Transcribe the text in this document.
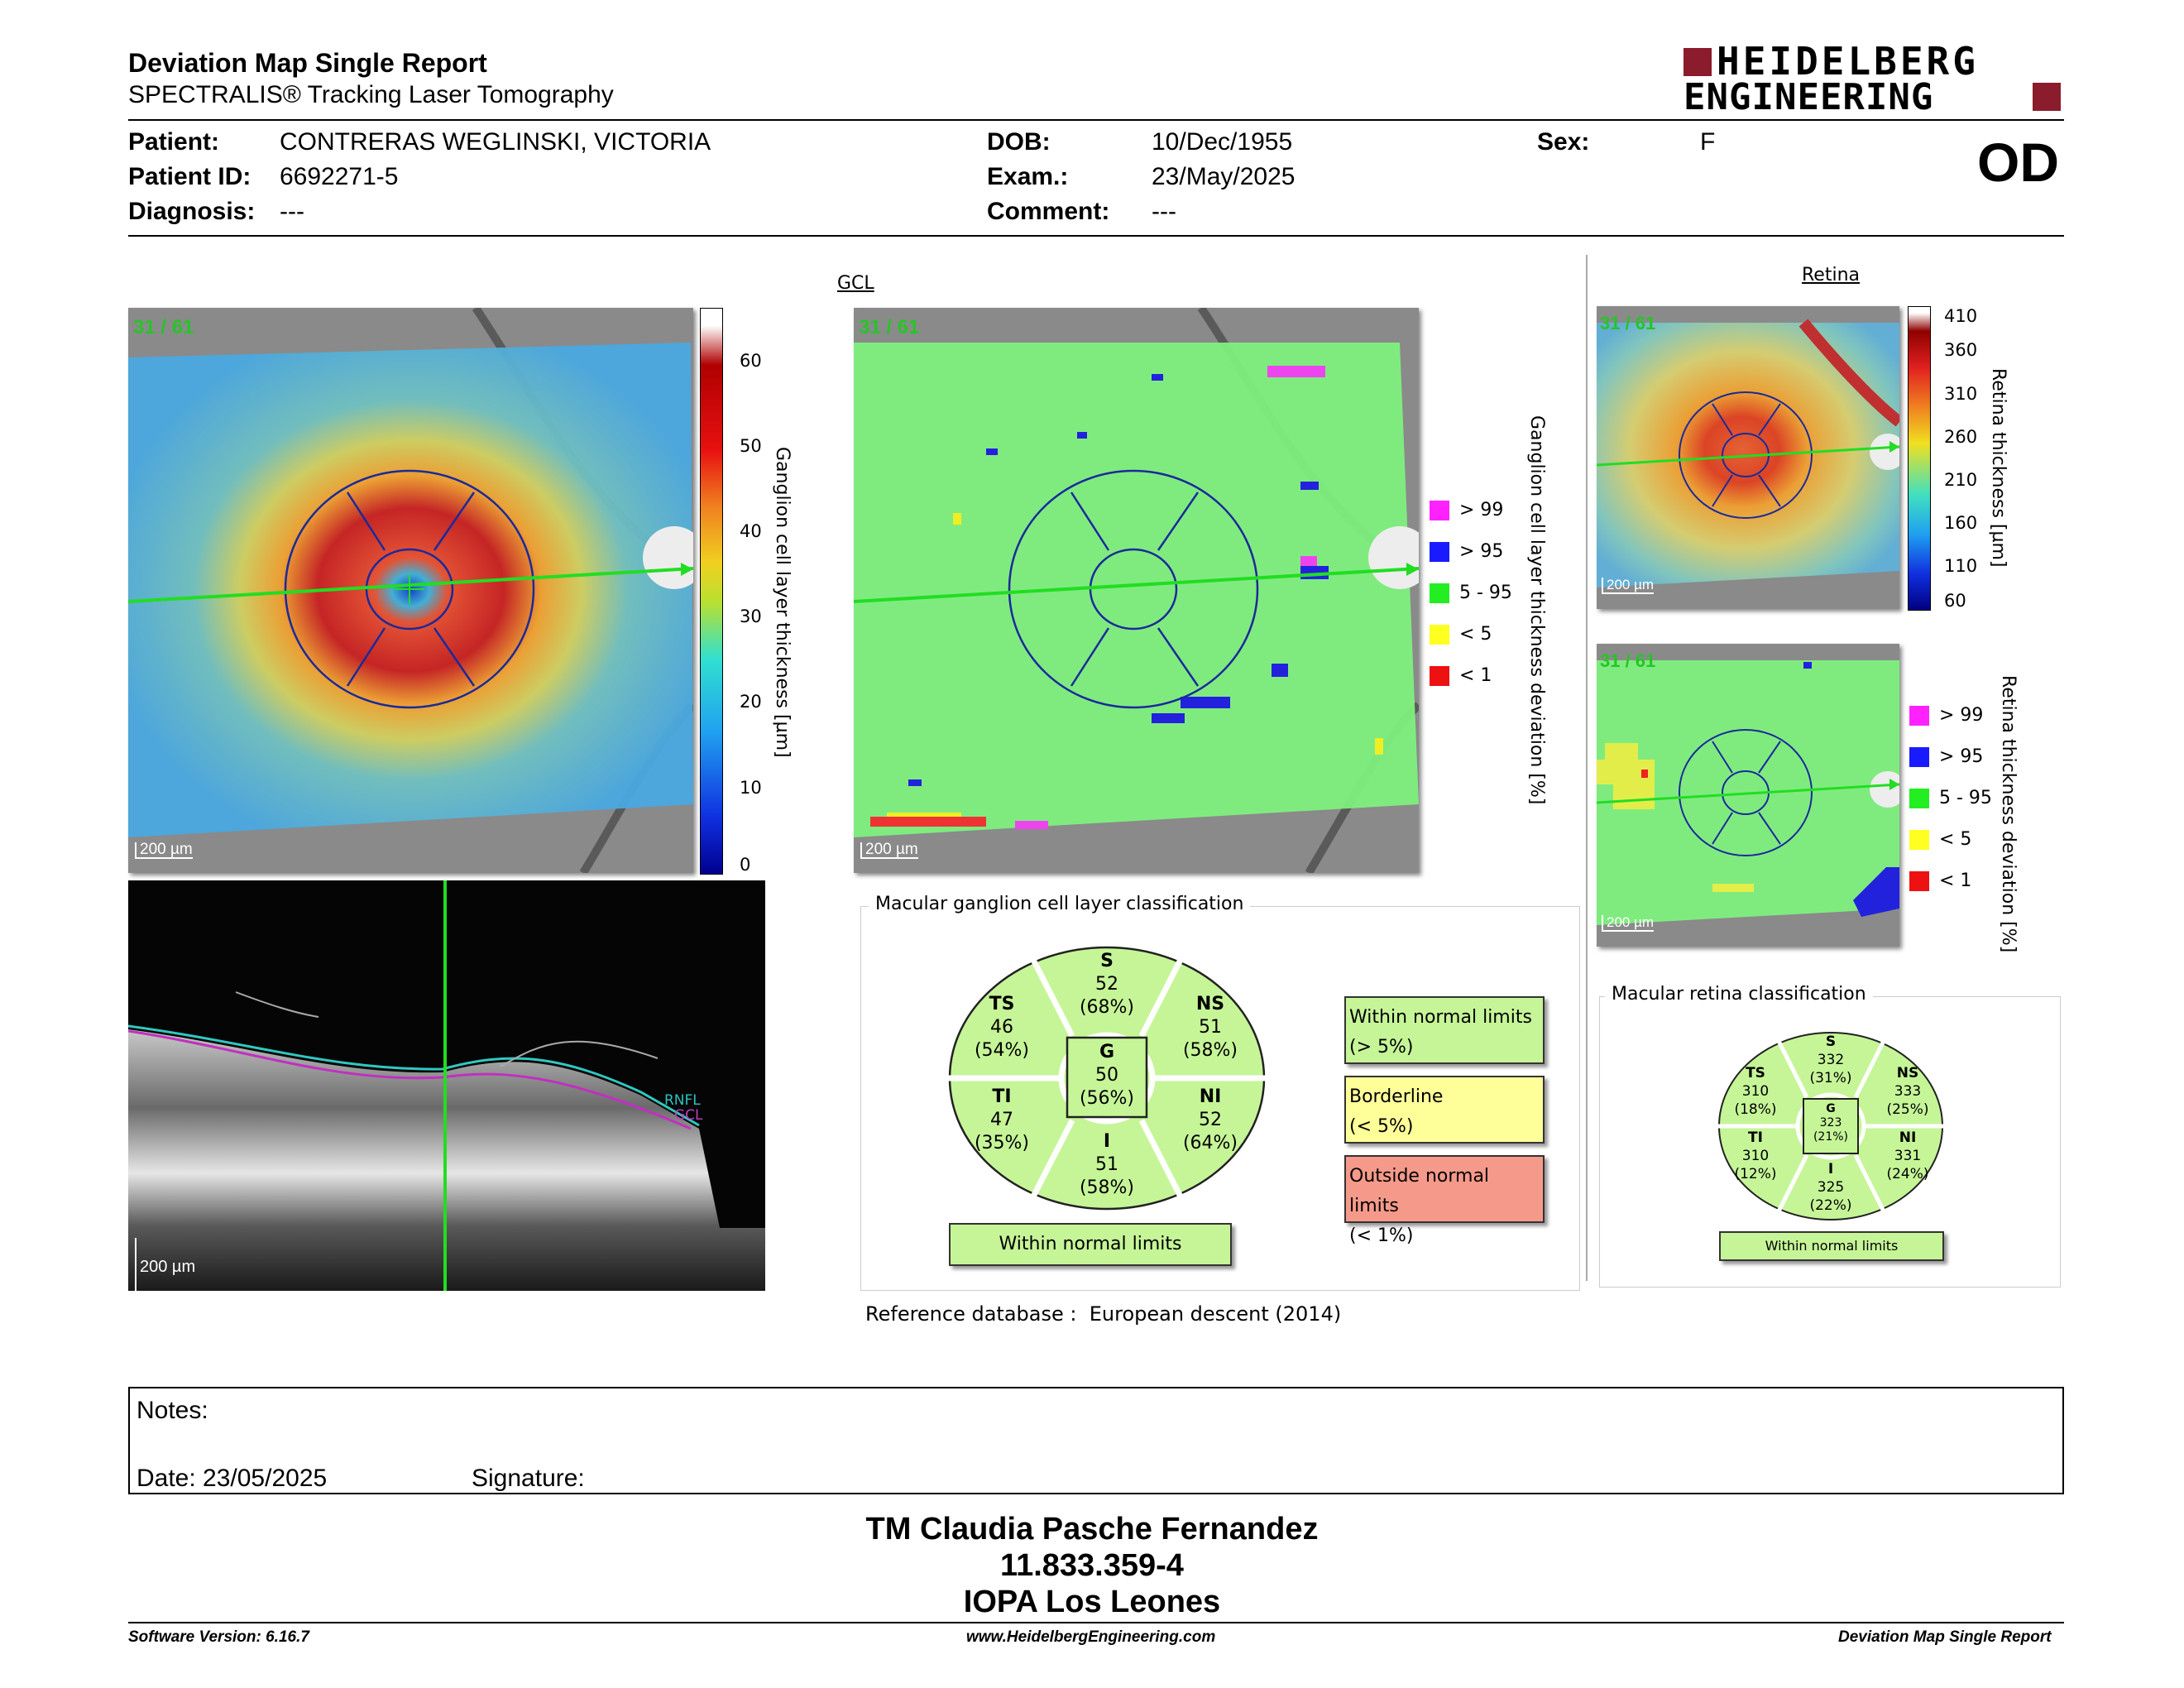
Deviation Map Single Report
SPECTRALIS® Tracking Laser Tomography
HEIDELBERG
ENGINEERING
Patient: CONTRERAS WEGLINSKI, VICTORIA
Patient ID: 6692271-5
Diagnosis: ---
DOB:	10/Dec/1955
Exam.:	23/May/2025
Comment: ---
Sex:	F	OD
GCL
31 / 61
200 µm
60
50
40
30
20
10
0
Ganglion cell layer thickness [µm]
31 / 61
200 µm
> 99
> 95
5 - 95
< 5
< 1 Ganglion cell layer thickness deviation [%]
RNFL
GCL
200 µm
Macular ganglion cell layer classification
S
52
(68%)
TS
46
(54%)
NS
51
(58%)
G
50
(56%)
TI
47
(35%)
NI
52
(64%)
I
51
(58%)
Within normal limits
Within normal limits
(> 5%)
Borderline
(< 5%)
Outside normal limits
(< 1%)
Reference database : European descent (2014)
Retina
31 / 61
200 µm
410
360
310
260
210
160
110
60
Retina thickness [µm]
31 / 61
200 µm
> 99
> 95
5 - 95
< 5
< 1 Retina thickness deviation [%]
Macular retina classification
S
332
(31%)
TS
310
(18%)
NS
333
(25%)
G
323
(21%)
TI
310
(12%)
NI
331
(24%)
I
325
(22%)
Within normal limits
Notes:
Date: 23/05/2025	Signature:
TM Claudia Pasche Fernandez
11.833.359-4
IOPA Los Leones
Software Version: 6.16.7	www.HeidelbergEngineering.com	Deviation Map Single Report
